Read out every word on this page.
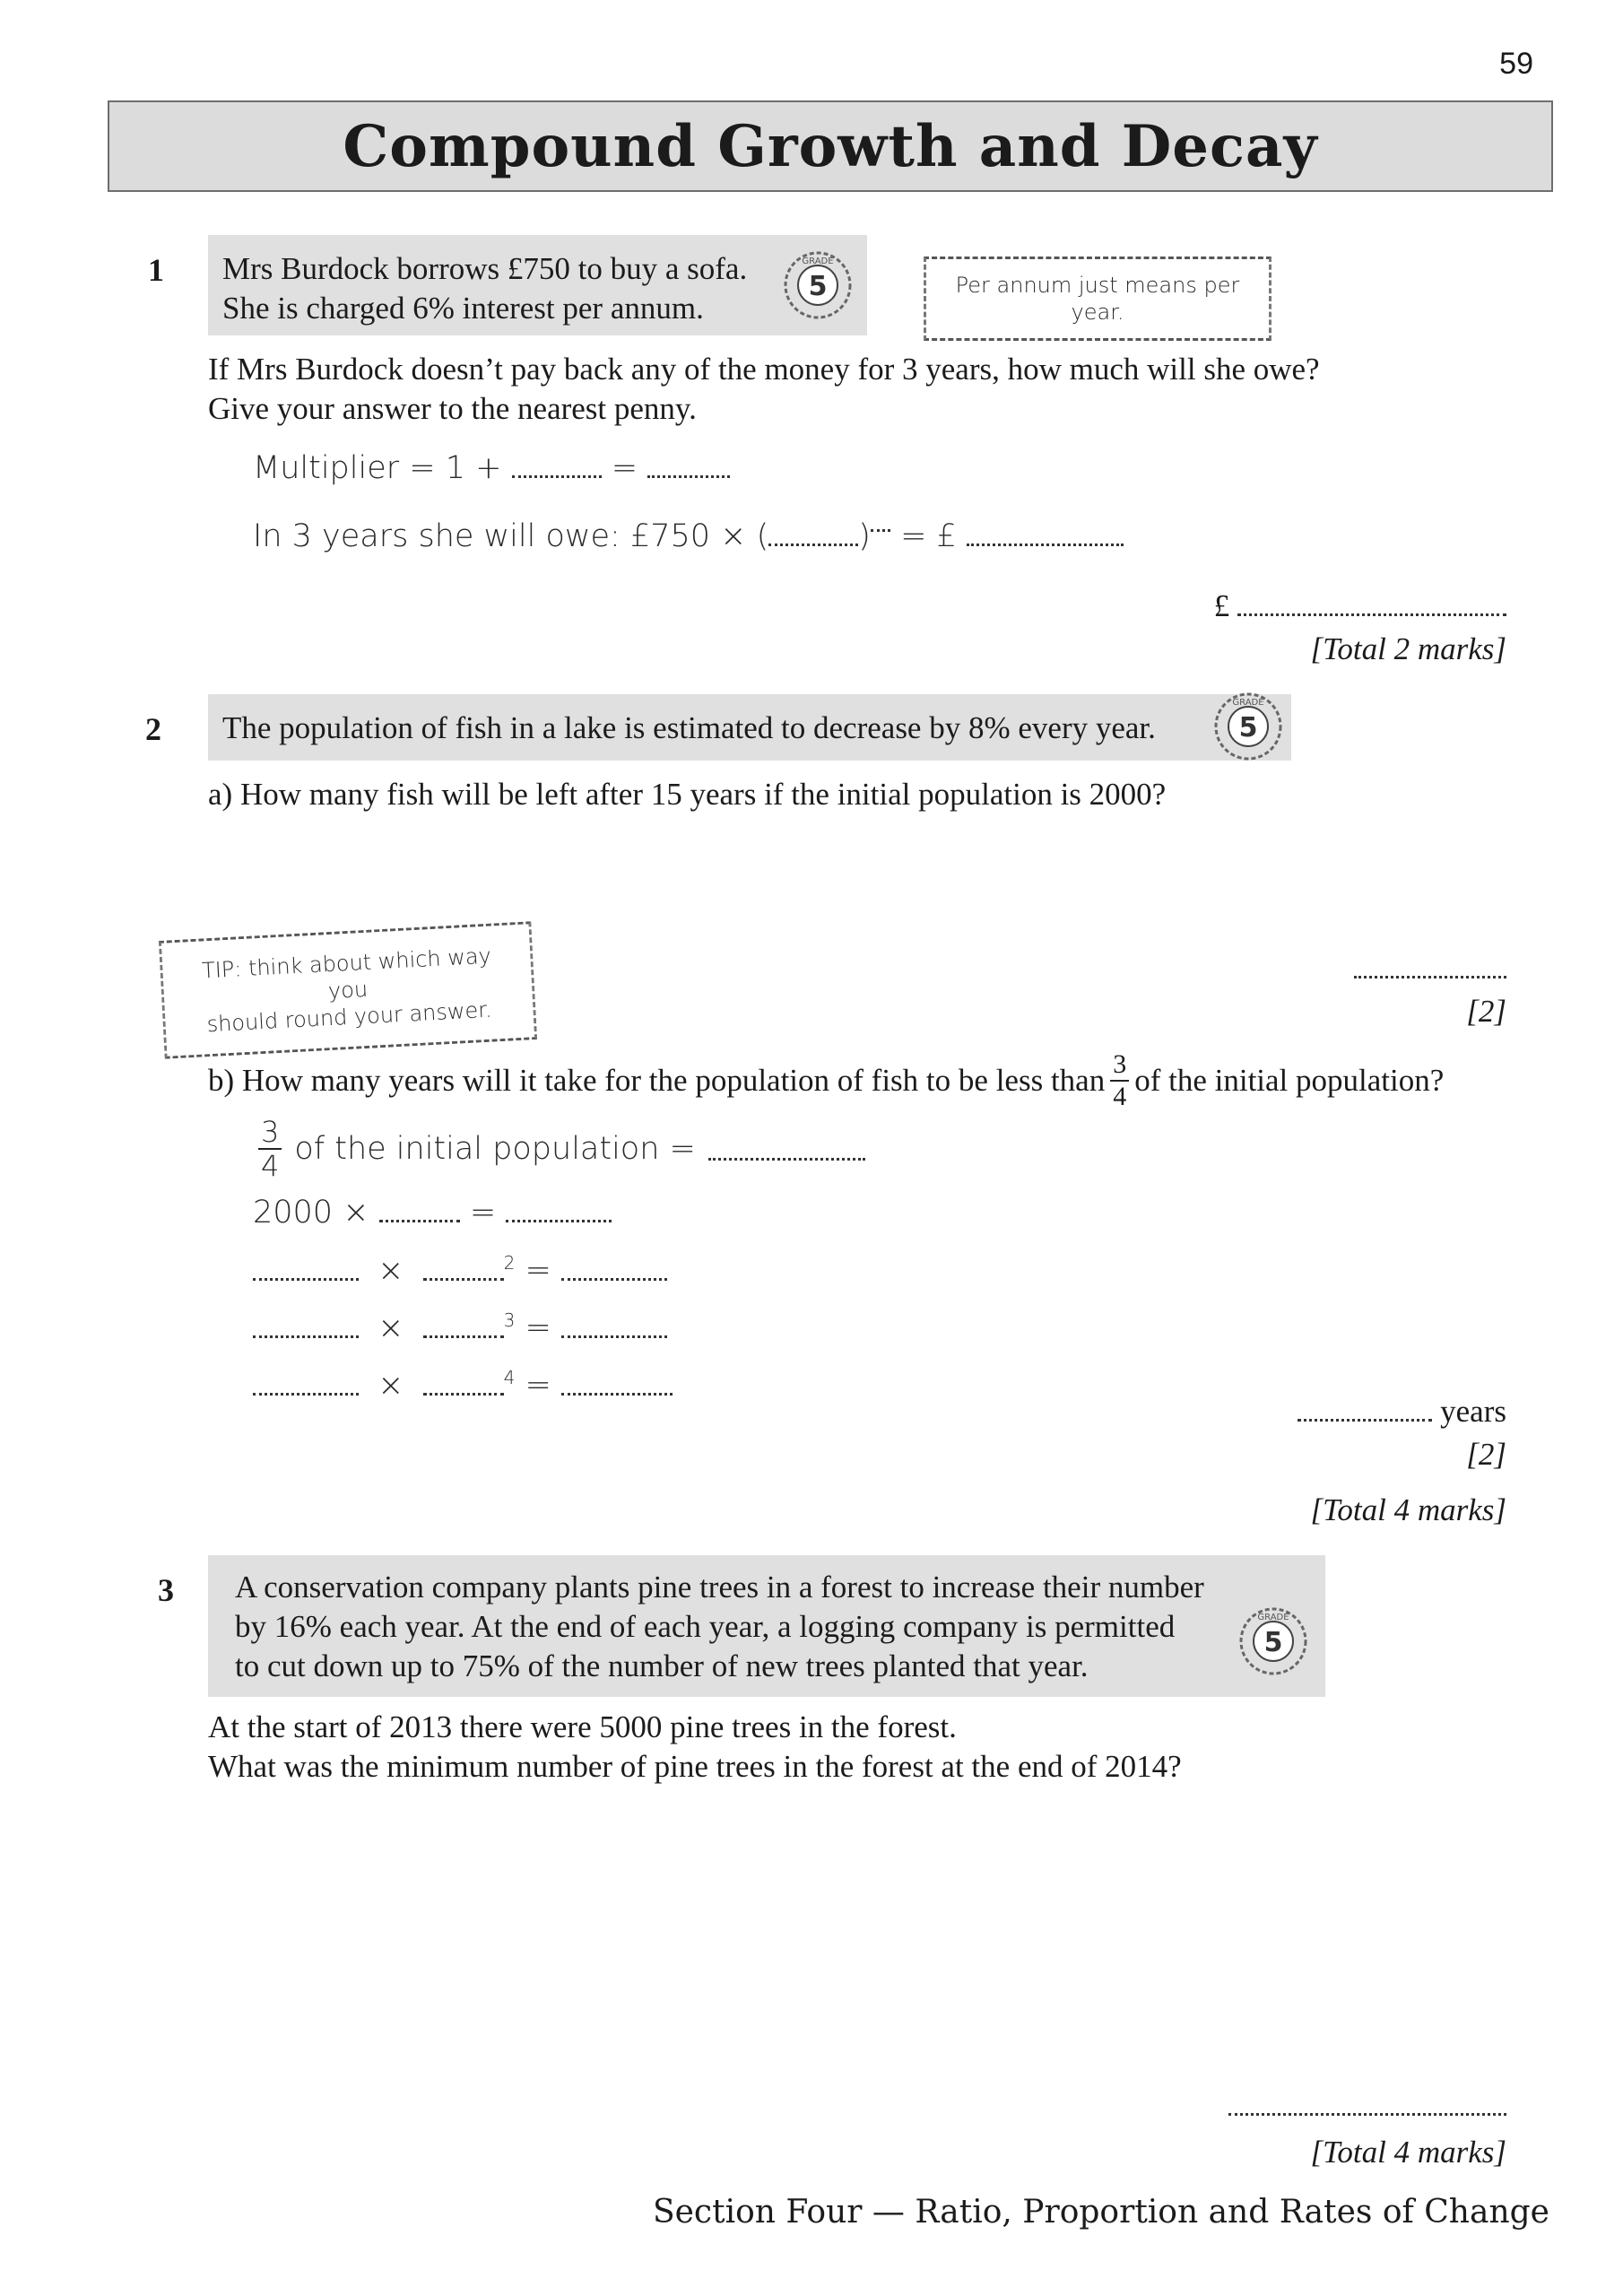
59
Compound Growth and Decay
1 Mrs Burdock borrows £750 to buy a sofa.
She is charged 6% interest per annum.
5
GRADE
Per annum just means per year.
If Mrs Burdock doesn’t pay back any of the money for 3 years, how much will she owe?
Give your answer to the nearest penny.
Multiplier = 1 +	=
In 3 years she will owe: £750 × (	) = £
£
[Total 2 marks]
2 The population of fish in a lake is estimated to decrease by 8% every year.	5
GRADE
a) How many fish will be left after 15 years if the initial population is 2000?
TIP: think about which way you
should round your answer.	[2]
b) How many years will it take for the population of fish to be less than $\frac{3}{4}$ of the initial population?
$\frac{3}{4}$ of the initial population =
2000 ×	=
×	$^2$ =
×	$^3$ =
×	$^4$ =
years
[2]
[Total 4 marks]
3 A conservation company plants pine trees in a forest to increase their number
by 16% each year. At the end of each year, a logging company is permitted
to cut down up to 75% of the number of new trees planted that year.
5
GRADE
At the start of 2013 there were 5000 pine trees in the forest.
What was the minimum number of pine trees in the forest at the end of 2014?
[Total 4 marks]
Section Four — Ratio, Proportion and Rates of Change
